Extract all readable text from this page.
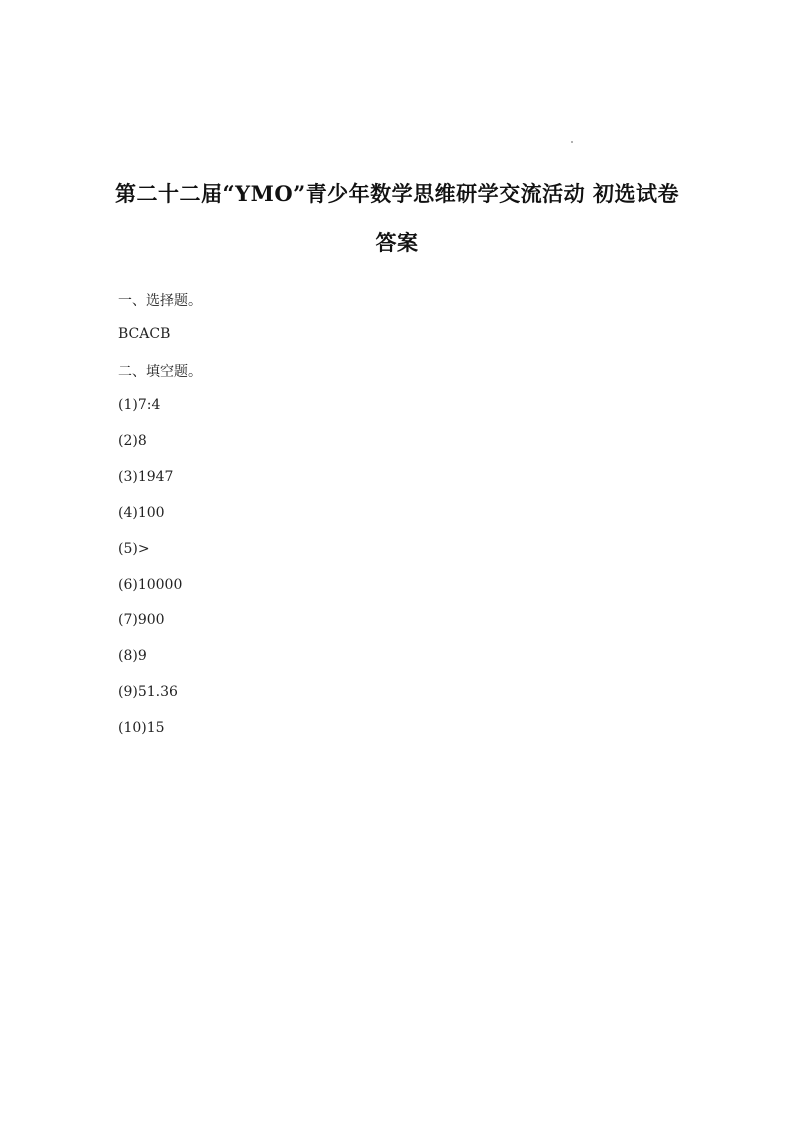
第二十二届“YMO”青少年数学思维研学交流活动 初选试卷
答案
一、选择题。
BCACB
二、填空题。
(1)7:4
(2)8
(3)1947
(4)100
(5)>
(6)10000
(7)900
(8)9
(9)51.36
(10)15
